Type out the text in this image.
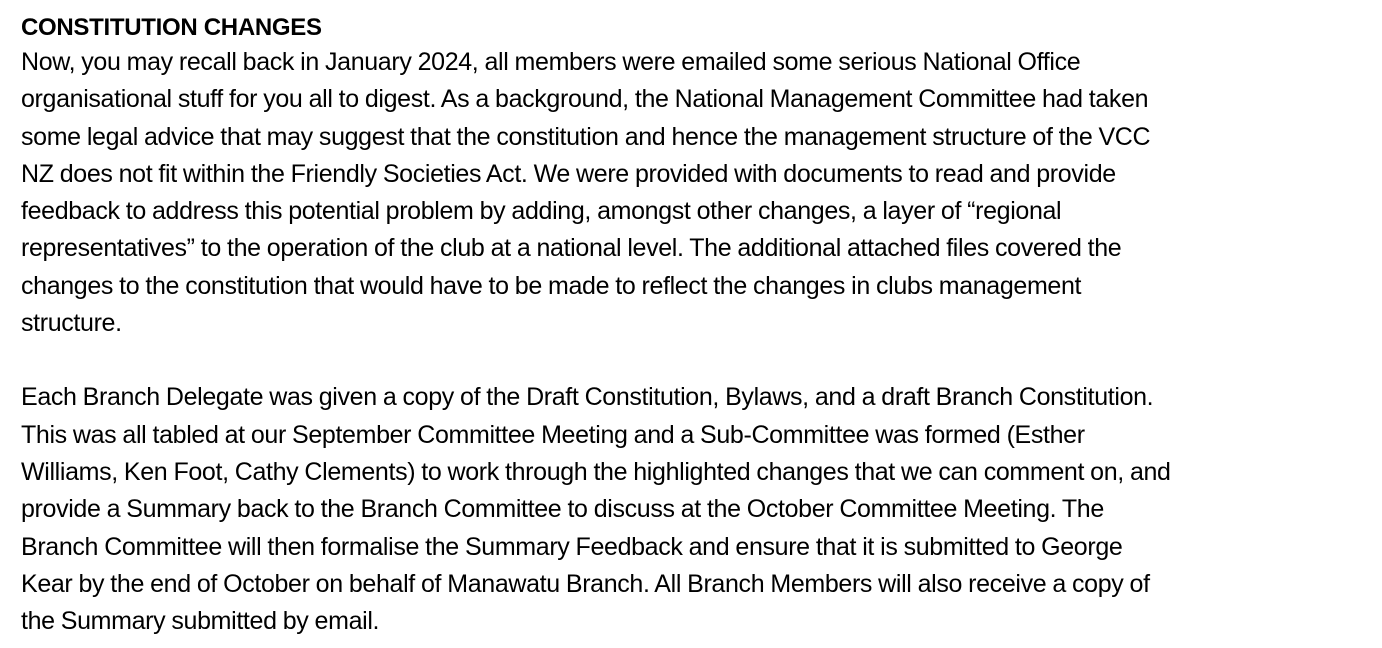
CONSTITUTION CHANGES

Now, you may recall back in January 2024, all members were emailed some serious National Office

organisational stuff for you all to digest. As a background, the National Management Committee had taken

some legal advice that may suggest that the constitution and hence the management structure of the VCC

NZ does not fit within the Friendly Societies Act. We were provided with documents to read and provide

feedback to address this potential problem by adding, amongst other changes, a layer of “regional

representatives” to the operation of the club at a national level. The additional attached files covered the

changes to the constitution that would have to be made to reflect the changes in clubs management

structure.

Each Branch Delegate was given a copy of the Draft Constitution, Bylaws, and a draft Branch Constitution.

This was all tabled at our September Committee Meeting and a Sub-Committee was formed (Esther

Williams, Ken Foot, Cathy Clements) to work through the highlighted changes that we can comment on, and

provide a Summary back to the Branch Committee to discuss at the October Committee Meeting. The

Branch Committee will then formalise the Summary Feedback and ensure that it is submitted to George

Kear by the end of October on behalf of Manawatu Branch. All Branch Members will also receive a copy of

the Summary submitted by email.
